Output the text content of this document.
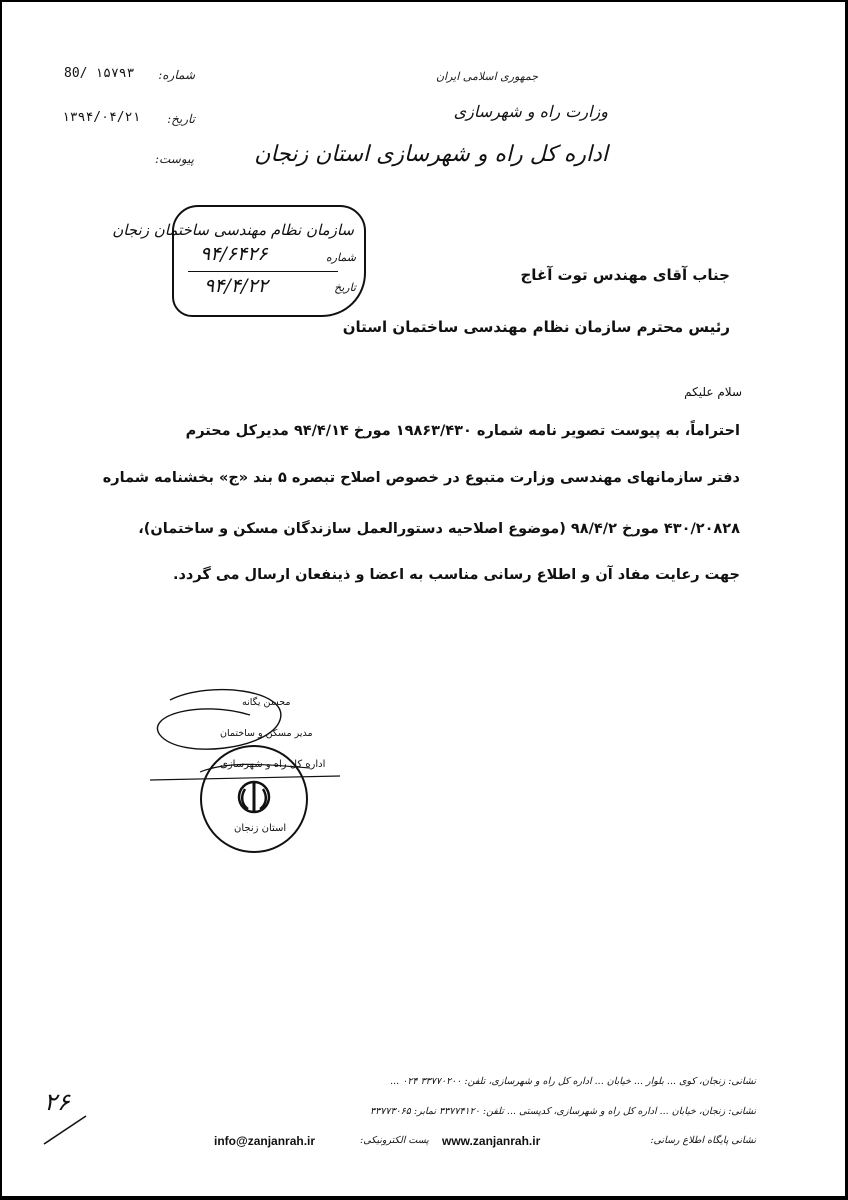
جمهوری اسلامی ایران
وزارت راه و شهرسازی
اداره کل راه و شهرسازی استان زنجان
شماره:
80/ ۱۵۷۹۳
تاریخ:
۱۳۹۴/۰۴/۲۱
پیوست:
سازمان نظام مهندسی ساختمان زنجان
شماره
۹۴/۶۴۲۶
تاریخ
۹۴/۴/۲۲	جناب آقای مهندس توت آغاج
رئیس محترم سازمان نظام مهندسی ساختمان استان
سلام علیکم
احتراماً، به پیوست تصویر نامه شماره ۱۹۸۶۳/۴۳۰ مورخ ۹۴/۴/۱۴ مدیرکل محترم
دفتر سازمانهای مهندسی وزارت متبوع در خصوص اصلاح تبصره ۵ بند «ج» بخشنامه شماره
۴۳۰/۲۰۸۲۸ مورخ ۹۸/۴/۲ (موضوع اصلاحیه دستورالعمل سازندگان مسکن و ساختمان)،
جهت رعایت مفاد آن و اطلاع رسانی مناسب به اعضا و ذینفعان ارسال می گردد.
محسن یگانه
مدیر مسکن و ساختمان
اداره کل راه و شهرسازی
استان زنجان
نشانی: زنجان، کوی ... بلوار ... خیابان ... اداره کل راه و شهرسازی، تلفن: ۳۳۷۷۰۲۰۰ ۰۲۴ ...
نشانی: زنجان، خیابان ... اداره کل راه و شهرسازی، کدپستی ... تلفن: ۳۳۷۷۴۱۲۰ نمابر: ۳۳۷۷۳۰۶۵
نشانی پایگاه اطلاع رسانی:
www.zanjanrah.ir
پست الکترونیکی:
info@zanjanrah.ir
۲۶
